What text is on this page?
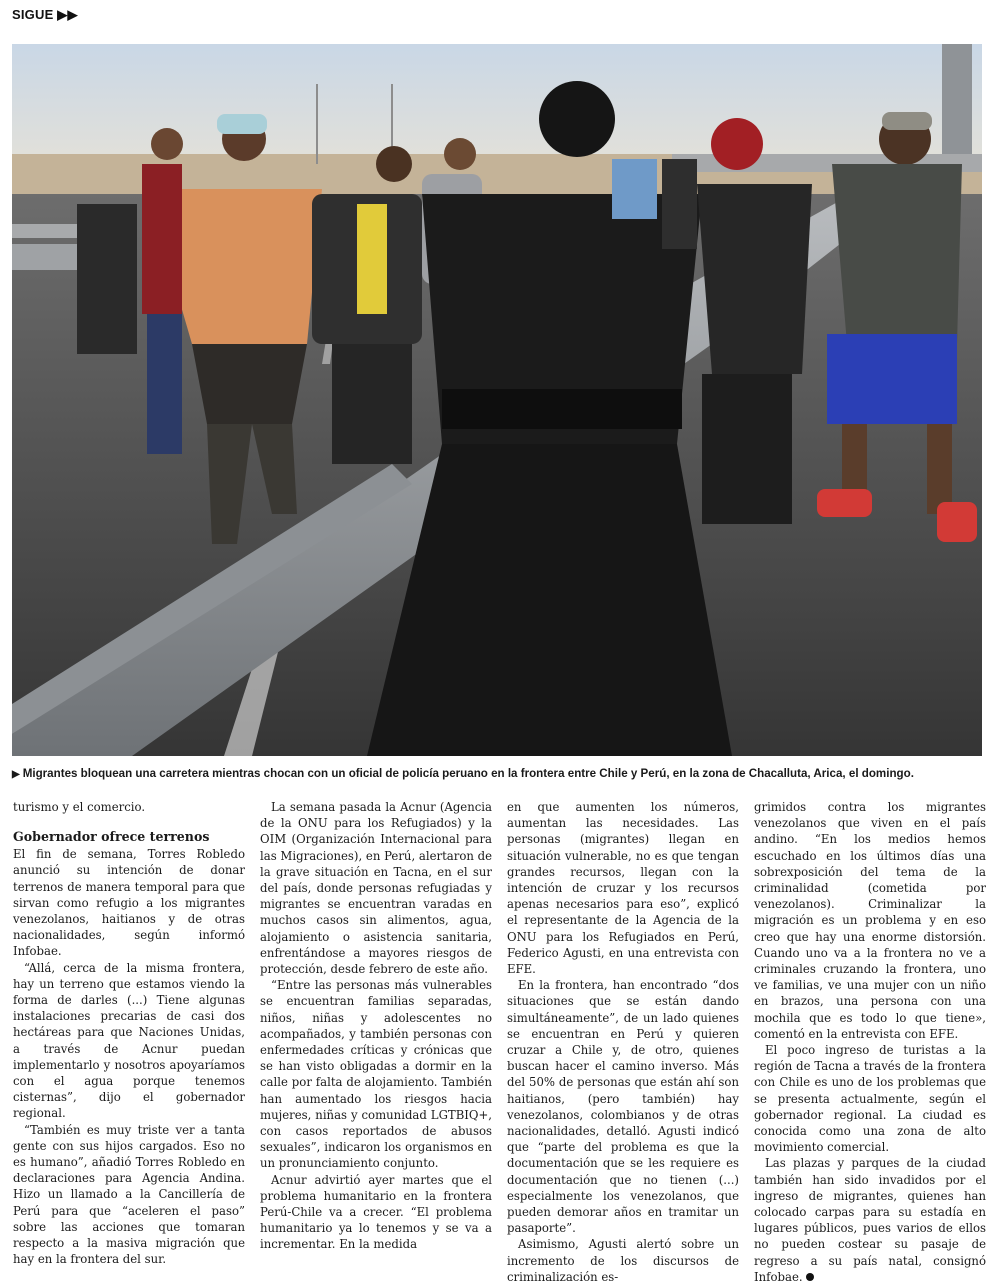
SIGUE ▶▶
▶ Migrantes bloquean una carretera mientras chocan con un oficial de policía peruano en la frontera entre Chile y Perú, en la zona de Chacalluta, Arica, el domingo.

turismo y el comercio.

Gobernador ofrece terrenos

El fin de semana, Torres Robledo anunció su intención de donar terrenos de manera temporal para que sirvan como refugio a los migrantes venezolanos, haitianos y de otras nacionalidades, según informó Infobae.

“Allá, cerca de la misma frontera, hay un terreno que estamos viendo la forma de darles (...) Tiene algunas instalaciones precarias de casi dos hectáreas para que Naciones Unidas, a través de Acnur puedan implementarlo y nosotros apoyaríamos con el agua porque tenemos cisternas”, dijo el gobernador regional.

“También es muy triste ver a tanta gente con sus hijos cargados. Eso no es humano”, añadió Torres Robledo en declaraciones para Agencia Andina. Hizo un llamado a la Cancillería de Perú para que “aceleren el paso” sobre las acciones que tomaran respecto a la masiva migración que hay en la frontera del sur.

La semana pasada la Acnur (Agencia de la ONU para los Refugiados) y la OIM (Organización Internacional para las Migraciones), en Perú, alertaron de la grave situación en Tacna, en el sur del país, donde personas refugiadas y migrantes se encuentran varadas en muchos casos sin alimentos, agua, alojamiento o asistencia sanitaria, enfrentándose a mayores riesgos de protección, desde febrero de este año.

“Entre las personas más vulnerables se encuentran familias separadas, niños, niñas y adolescentes no acompañados, y también personas con enfermedades críticas y crónicas que se han visto obligadas a dormir en la calle por falta de alojamiento. También han aumentado los riesgos hacia mujeres, niñas y comunidad LGTBIQ+, con casos reportados de abusos sexuales”, indicaron los organismos en un pronunciamiento conjunto.

Acnur advirtió ayer martes que el problema humanitario en la frontera Perú-Chile va a crecer. “El problema humanitario ya lo tenemos y se va a incrementar. En la medida

en que aumenten los números, aumentan las necesidades. Las personas (migrantes) llegan en situación vulnerable, no es que tengan grandes recursos, llegan con la intención de cruzar y los recursos apenas necesarios para eso”, explicó el representante de la Agencia de la ONU para los Refugiados en Perú, Federico Agusti, en una entrevista con EFE.

En la frontera, han encontrado “dos situaciones que se están dando simultáneamente”, de un lado quienes se encuentran en Perú y quieren cruzar a Chile y, de otro, quienes buscan hacer el camino inverso. Más del 50% de personas que están ahí son haitianos, (pero también) hay venezolanos, colombianos y de otras nacionalidades, detalló. Agusti indicó que “parte del problema es que la documentación que se les requiere es documentación que no tienen (...) especialmente los venezolanos, que pueden demorar años en tramitar un pasaporte”.

Asimismo, Agusti alertó sobre un incremento de los discursos de criminalización es-

grimidos contra los migrantes venezolanos que viven en el país andino. “En los medios hemos escuchado en los últimos días una sobrexposición del tema de la criminalidad (cometida por venezolanos). Criminalizar la migración es un problema y en eso creo que hay una enorme distorsión. Cuando uno va a la frontera no ve a criminales cruzando la frontera, uno ve familias, ve una mujer con un niño en brazos, una persona con una mochila que es todo lo que tiene», comentó en la entrevista con EFE.

El poco ingreso de turistas a la región de Tacna a través de la frontera con Chile es uno de los problemas que se presenta actualmente, según el gobernador regional. La ciudad es conocida como una zona de alto movimiento comercial.

Las plazas y parques de la ciudad también han sido invadidos por el ingreso de migrantes, quienes han colocado carpas para su estadía en lugares públicos, pues varios de ellos no pueden costear su pasaje de regreso a su país natal, consignó Infobae.
